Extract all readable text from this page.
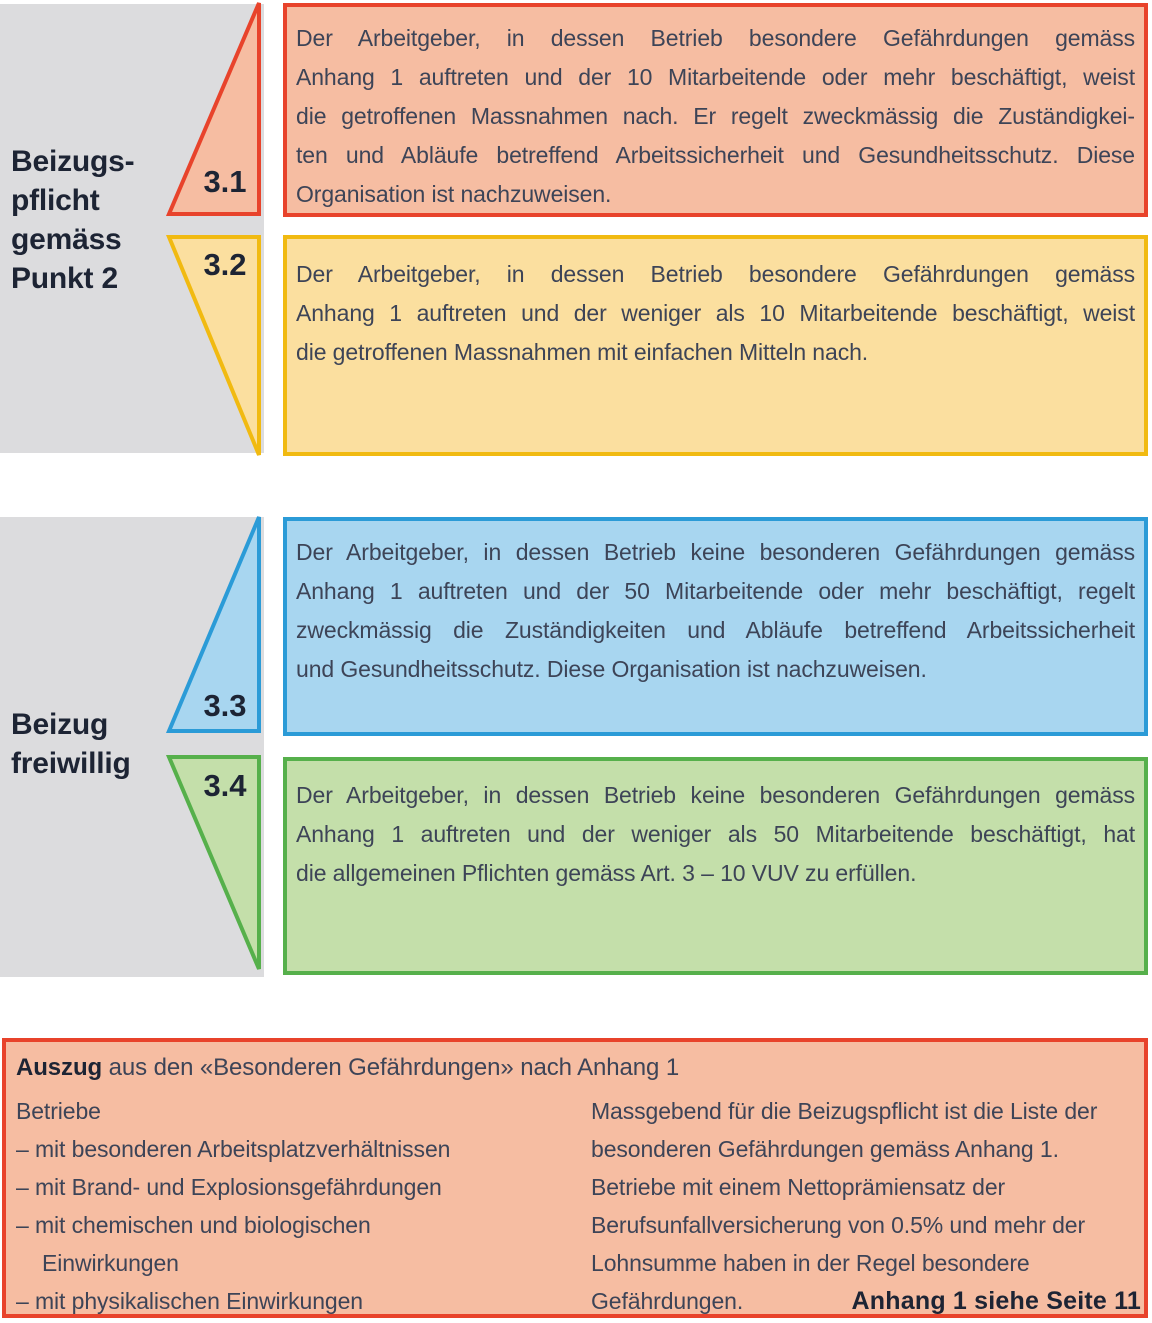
Beizugs-
pflicht
gemäss
Punkt 2
Beizug
freiwillig
3.1
3.2
3.3
3.4
Der Arbeitgeber, in dessen Betrieb besondere Gefährdungen gemäss
Anhang 1 auftreten und der 10 Mitarbeitende oder mehr beschäftigt, weist
die getroffenen Massnahmen nach. Er regelt zweckmässig die Zuständigkei-
ten und Abläufe betreffend Arbeitssicherheit und Gesundheitsschutz. Diese
Organisation ist nachzuweisen.
Der Arbeitgeber, in dessen Betrieb besondere Gefährdungen gemäss
Anhang 1 auftreten und der weniger als 10 Mitarbeitende beschäftigt, weist
die getroffenen Massnahmen mit einfachen Mitteln nach.
Der Arbeitgeber, in dessen Betrieb keine besonderen Gefährdungen gemäss
Anhang 1 auftreten und der 50 Mitarbeitende oder mehr beschäftigt, regelt
zweckmässig die Zuständigkeiten und Abläufe betreffend Arbeitssicherheit
und Gesundheitsschutz. Diese Organisation ist nachzuweisen.
Der Arbeitgeber, in dessen Betrieb keine besonderen Gefährdungen gemäss
Anhang 1 auftreten und der weniger als 50 Mitarbeitende beschäftigt, hat
die allgemeinen Pflichten gemäss Art. 3 – 10 VUV zu erfüllen.
Auszug aus den «Besonderen Gefährdungen» nach Anhang 1
Betriebe
– mit besonderen Arbeitsplatzverhältnissen
– mit Brand- und Explosionsgefährdungen
– mit chemischen und biologischen
Einwirkungen
– mit physikalischen Einwirkungen
Massgebend für die Beizugspflicht ist die Liste der
besonderen Gefährdungen gemäss Anhang 1.
Betriebe mit einem Nettoprämiensatz der
Berufsunfallversicherung von 0.5% und mehr der
Lohnsumme haben in der Regel besondere
Gefährdungen.	Anhang 1 siehe Seite 11
